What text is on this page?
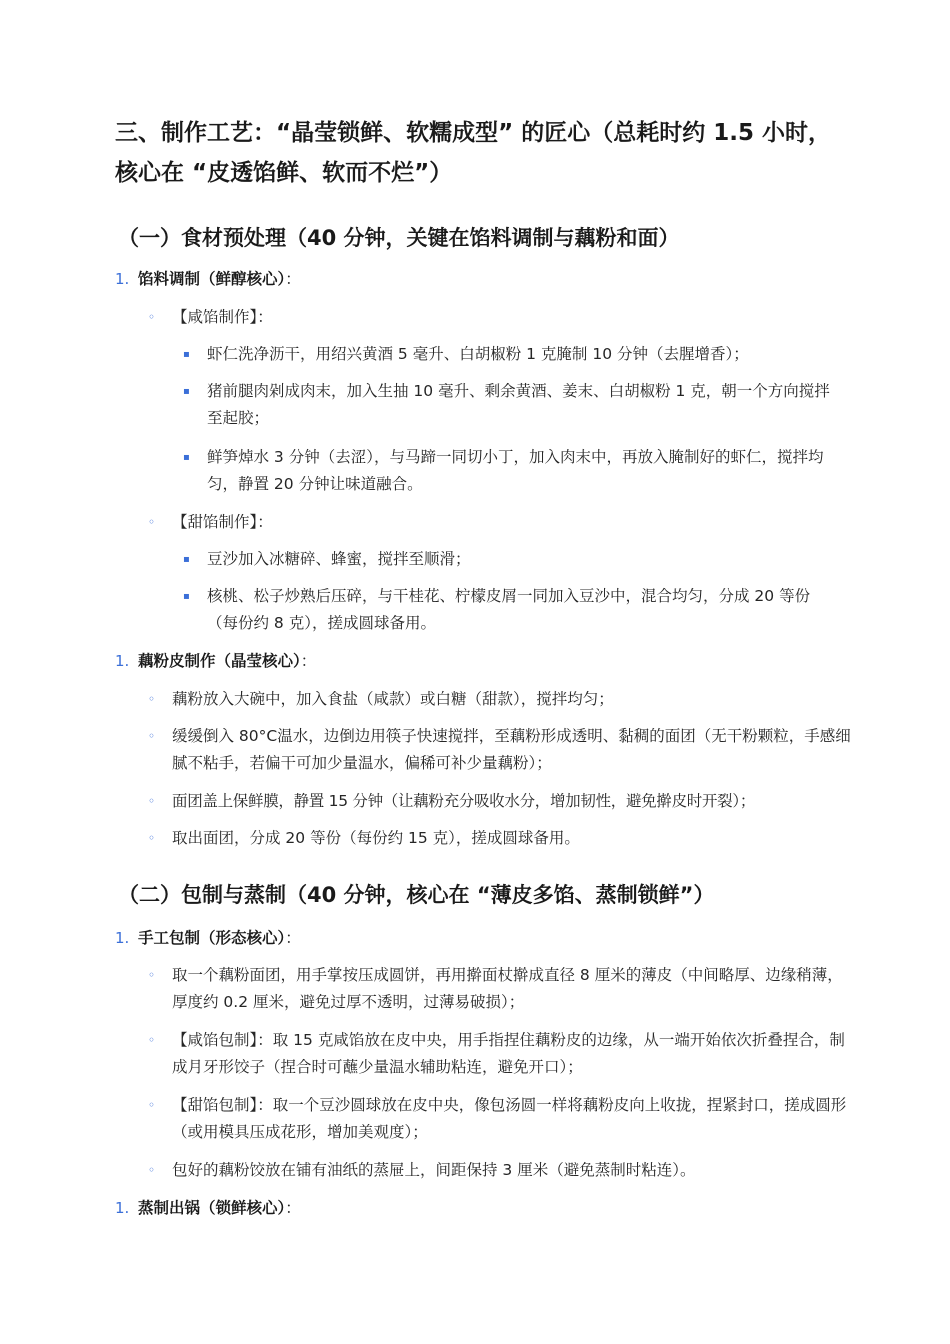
三、制作工艺：“晶莹锁鲜、软糯成型” 的匠心（总耗时约 1.5 小时，核心在 “皮透馅鲜、软而不烂”）
（一）食材预处理（40 分钟，关键在馅料调制与藕粉和面）
1. 馅料调制（鲜醇核心）：
◦ 【咸馅制作】：
▪ 虾仁洗净沥干，用绍兴黄酒 5 毫升、白胡椒粉 1 克腌制 10 分钟（去腥增香）；
▪ 猪前腿肉剁成肉末，加入生抽 10 毫升、剩余黄酒、姜末、白胡椒粉 1 克，朝一个方向搅拌至起胶；
▪ 鲜笋焯水 3 分钟（去涩），与马蹄一同切小丁，加入肉末中，再放入腌制好的虾仁，搅拌均匀，静置 20 分钟让味道融合。
◦ 【甜馅制作】：
▪ 豆沙加入冰糖碎、蜂蜜，搅拌至顺滑；
▪ 核桃、松子炒熟后压碎，与干桂花、柠檬皮屑一同加入豆沙中，混合均匀，分成 20 等份（每份约 8 克），搓成圆球备用。
1. 藕粉皮制作（晶莹核心）：
◦ 藕粉放入大碗中，加入食盐（咸款）或白糖（甜款），搅拌均匀；
◦ 缓缓倒入 80°C温水，边倒边用筷子快速搅拌，至藕粉形成透明、黏稠的面团（无干粉颗粒，手感细腻不粘手，若偏干可加少量温水，偏稀可补少量藕粉）；
◦ 面团盖上保鲜膜，静置 15 分钟（让藕粉充分吸收水分，增加韧性，避免擀皮时开裂）；
◦ 取出面团，分成 20 等份（每份约 15 克），搓成圆球备用。
（二）包制与蒸制（40 分钟，核心在 “薄皮多馅、蒸制锁鲜”）
1. 手工包制（形态核心）：
◦ 取一个藕粉面团，用手掌按压成圆饼，再用擀面杖擀成直径 8 厘米的薄皮（中间略厚、边缘稍薄，厚度约 0.2 厘米，避免过厚不透明，过薄易破损）；
◦ 【咸馅包制】：取 15 克咸馅放在皮中央，用手指捏住藕粉皮的边缘，从一端开始依次折叠捏合，制成月牙形饺子（捏合时可蘸少量温水辅助粘连，避免开口）；
◦ 【甜馅包制】：取一个豆沙圆球放在皮中央，像包汤圆一样将藕粉皮向上收拢，捏紧封口，搓成圆形（或用模具压成花形，增加美观度）；
◦ 包好的藕粉饺放在铺有油纸的蒸屉上，间距保持 3 厘米（避免蒸制时粘连）。
1. 蒸制出锅（锁鲜核心）：
